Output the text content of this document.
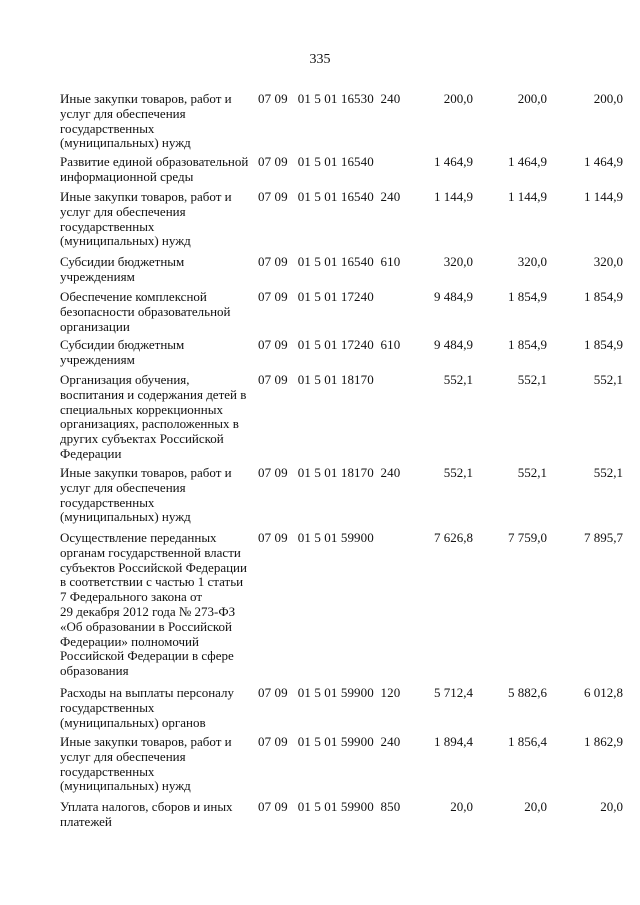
335
Иные закупки товаров, работ и
услуг для обеспечения
государственных
(муниципальных) нужд
07 09   01 5 01 16530  240	200,0	200,0	200,0
Развитие единой образовательной
информационной среды
07 09   01 5 01 16540	1 464,9	1 464,9	1 464,9
Иные закупки товаров, работ и
услуг для обеспечения
государственных
(муниципальных) нужд
07 09   01 5 01 16540  240	1 144,9	1 144,9	1 144,9
Субсидии бюджетным
учреждениям
07 09   01 5 01 16540  610	320,0	320,0	320,0
Обеспечение комплексной
безопасности образовательной
организации
07 09   01 5 01 17240	9 484,9	1 854,9	1 854,9
Субсидии бюджетным
учреждениям
07 09   01 5 01 17240  610	9 484,9	1 854,9	1 854,9
Организация обучения,
воспитания и содержания детей в
специальных коррекционных
организациях, расположенных в
других субъектах Российской
Федерации
07 09   01 5 01 18170	552,1	552,1	552,1
Иные закупки товаров, работ и
услуг для обеспечения
государственных
(муниципальных) нужд
07 09   01 5 01 18170  240	552,1	552,1	552,1
Осуществление переданных
органам государственной власти
субъектов Российской Федерации
в соответствии с частью 1 статьи
7 Федерального закона от
29 декабря 2012 года № 273-ФЗ
«Об образовании в Российской
Федерации» полномочий
Российской Федерации в сфере
образования
07 09   01 5 01 59900	7 626,8	7 759,0	7 895,7
Расходы на выплаты персоналу
государственных
(муниципальных) органов
07 09   01 5 01 59900  120	5 712,4	5 882,6	6 012,8
Иные закупки товаров, работ и
услуг для обеспечения
государственных
(муниципальных) нужд
07 09   01 5 01 59900  240	1 894,4	1 856,4	1 862,9
Уплата налогов, сборов и иных
платежей
07 09   01 5 01 59900  850	20,0	20,0	20,0
